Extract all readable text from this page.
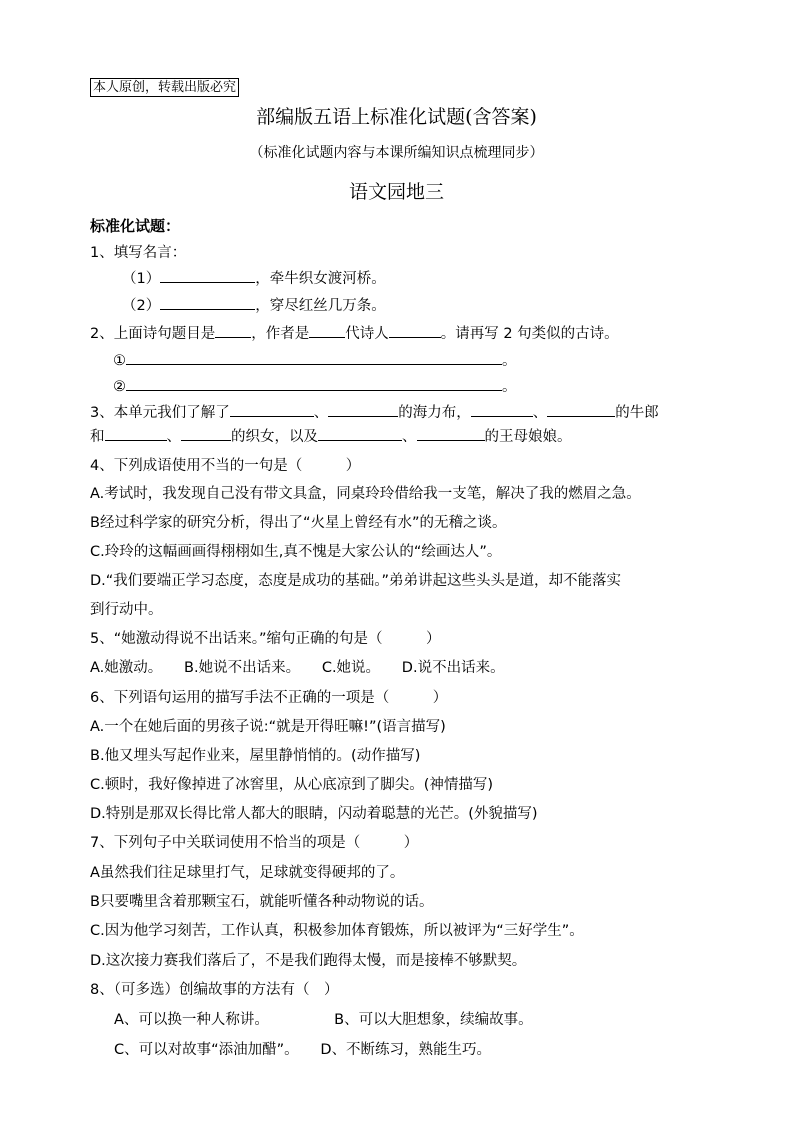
本人原创，转载出版必究
部编版五语上标准化试题(含答案)
（标准化试题内容与本课所编知识点梳理同步）
语文园地三
标准化试题：
1、填写名言：
（1）	，牵牛织女渡河桥。
（2）	，穿尽红丝几万条。
2、上面诗句题目是 ，作者是 代诗人	。请再写 2 句类似的古诗。
①	。
②	。
3、本单元我们了解了	、	的海力布，	、	的牛郎
和	、	的织女，以及	、	的王母娘娘。
4、下列成语使用不当的一句是（　　　）
A.考试时，我发现自己没有带文具盒，同桌玲玲借给我一支笔，解决了我的燃眉之急。
B经过科学家的研究分析，得出了“火星上曾经有水”的无稽之谈。
C.玲玲的这幅画画得栩栩如生,真不愧是大家公认的“绘画达人”。
D.“我们要端正学习态度，态度是成功的基础。”弟弟讲起这些头头是道，却不能落实
到行动中。
5、“她激动得说不出话来。”缩句正确的句是（　　　）
A.她激动。　　B.她说不出话来。　　C.她说。　　D.说不出话来。
6、下列语句运用的描写手法不正确的一项是（　　　）
A.一个在她后面的男孩子说:“就是开得旺嘛!”(语言描写)
B.他又埋头写起作业来，屋里静悄悄的。(动作描写)
C.顿时，我好像掉进了冰窖里，从心底凉到了脚尖。(神情描写)
D.特别是那双长得比常人都大的眼睛，闪动着聪慧的光芒。(外貌描写)
7、下列句子中关联词使用不恰当的项是（　　　）
A虽然我们往足球里打气，足球就变得硬邦的了。
B只要嘴里含着那颗宝石，就能听懂各种动物说的话。
C.因为他学习刻苦，工作认真，积极参加体育锻炼，所以被评为“三好学生”。
D.这次接力赛我们落后了，不是我们跑得太慢，而是接棒不够默契。
8、（可多选）创编故事的方法有（　）
A、可以换一种人称讲。　　　　　B、可以大胆想象，续编故事。
C、可以对故事“添油加醋”。　　D、不断练习，熟能生巧。
